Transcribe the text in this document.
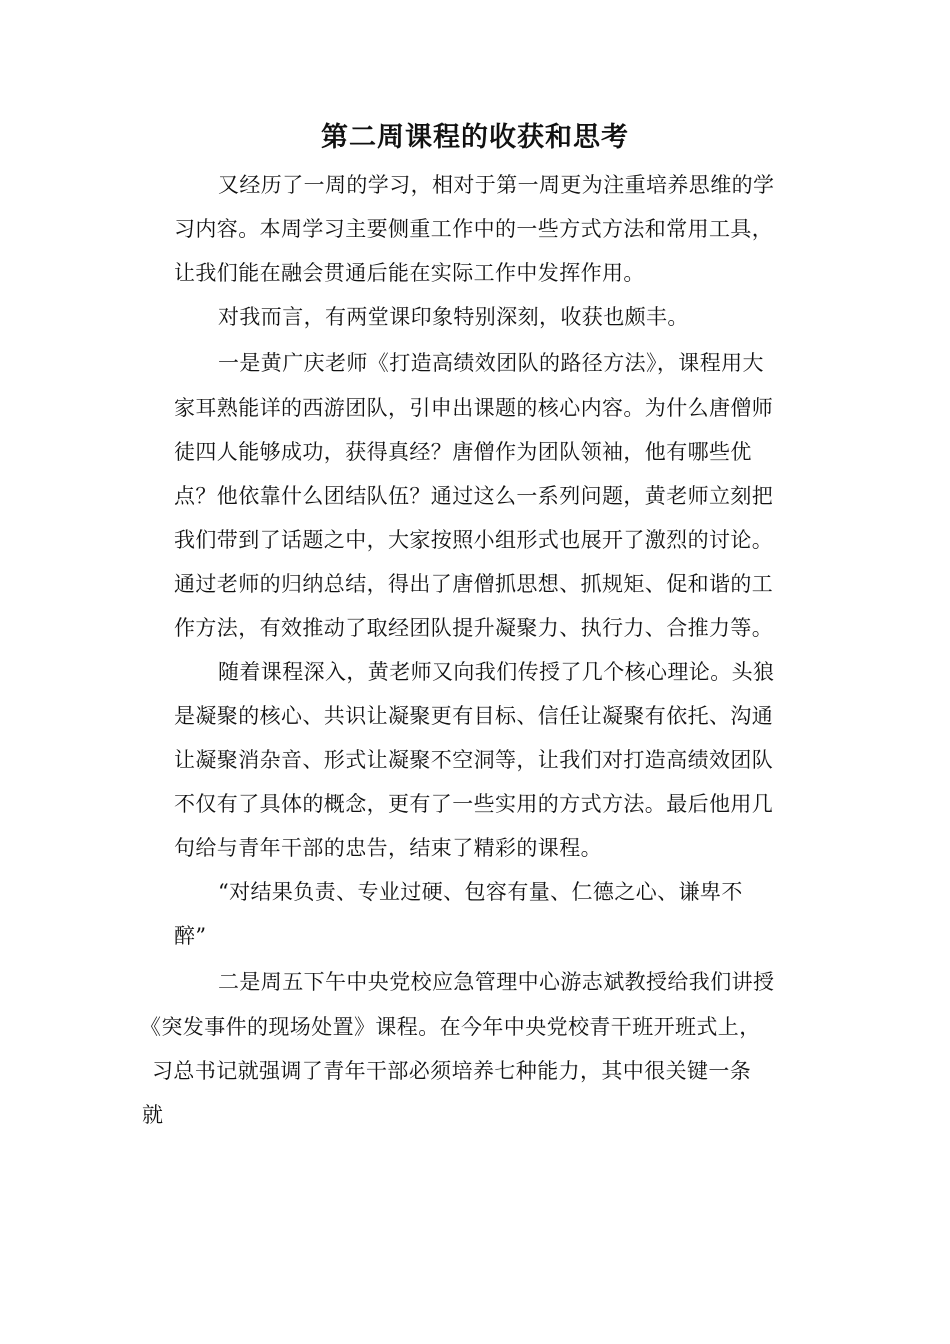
第二周课程的收获和思考
又经历了一周的学习，相对于第一周更为注重培养思维的学
习内容。本周学习主要侧重工作中的一些方式方法和常用工具，
让我们能在融会贯通后能在实际工作中发挥作用。
对我而言，有两堂课印象特别深刻，收获也颇丰。
一是黄广庆老师《打造高绩效团队的路径方法》，课程用大
家耳熟能详的西游团队，引申出课题的核心内容。为什么唐僧师
徒四人能够成功，获得真经？唐僧作为团队领袖，他有哪些优
点？他依靠什么团结队伍？通过这么一系列问题，黄老师立刻把
我们带到了话题之中，大家按照小组形式也展开了激烈的讨论。
通过老师的归纳总结，得出了唐僧抓思想、抓规矩、促和谐的工
作方法，有效推动了取经团队提升凝聚力、执行力、合推力等。
随着课程深入，黄老师又向我们传授了几个核心理论。头狼
是凝聚的核心、共识让凝聚更有目标、信任让凝聚有依托、沟通
让凝聚消杂音、形式让凝聚不空洞等，让我们对打造高绩效团队
不仅有了具体的概念，更有了一些实用的方式方法。最后他用几
句给与青年干部的忠告，结束了精彩的课程。
“对结果负责、专业过硬、包容有量、仁德之心、谦卑不
醉”
二是周五下午中央党校应急管理中心游志斌教授给我们讲授
《突发事件的现场处置》课程。在今年中央党校青干班开班式上，
习总书记就强调了青年干部必须培养七种能力，其中很关键一条
就
